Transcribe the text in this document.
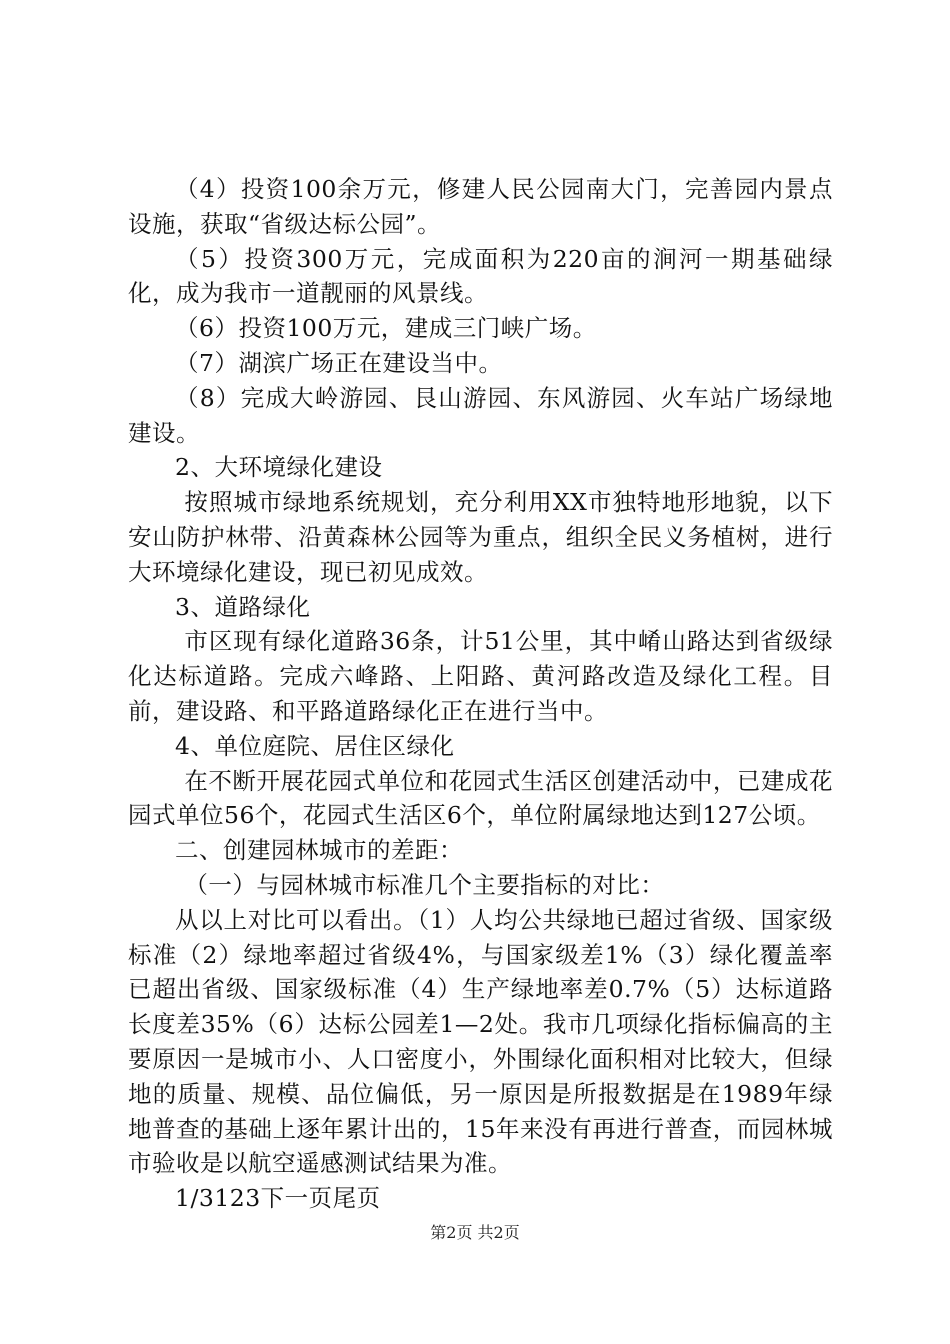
（4）投资100余万元，修建人民公园南大门，完善园内景点设施，获取“省级达标公园”。

（5）投资300万元，完成面积为220亩的涧河一期基础绿化，成为我市一道靓丽的风景线。

（6）投资100万元，建成三门峡广场。

（7）湖滨广场正在建设当中。

（8）完成大岭游园、艮山游园、东风游园、火车站广场绿地建设。

2、大环境绿化建设

按照城市绿地系统规划，充分利用XX市独特地形地貌，以下安山防护林带、沿黄森林公园等为重点，组织全民义务植树，进行大环境绿化建设，现已初见成效。

3、道路绿化

市区现有绿化道路36条，计51公里，其中崤山路达到省级绿化达标道路。完成六峰路、上阳路、黄河路改造及绿化工程。目前，建设路、和平路道路绿化正在进行当中。

4、单位庭院、居住区绿化

在不断开展花园式单位和花园式生活区创建活动中，已建成花园式单位56个，花园式生活区6个，单位附属绿地达到127公顷。

二、创建园林城市的差距：

（一）与园林城市标准几个主要指标的对比：

从以上对比可以看出。（1）人均公共绿地已超过省级、国家级标准（2）绿地率超过省级4%，与国家级差1%（3）绿化覆盖率已超出省级、国家级标准（4）生产绿地率差0.7%（5）达标道路长度差35%（6）达标公园差1—2处。我市几项绿化指标偏高的主要原因一是城市小、人口密度小，外围绿化面积相对比较大，但绿地的质量、规模、品位偏低，另一原因是所报数据是在1989年绿地普查的基础上逐年累计出的，15年来没有再进行普查，而园林城市验收是以航空遥感测试结果为准。

1/3123下一页尾页

第2页 共2页
